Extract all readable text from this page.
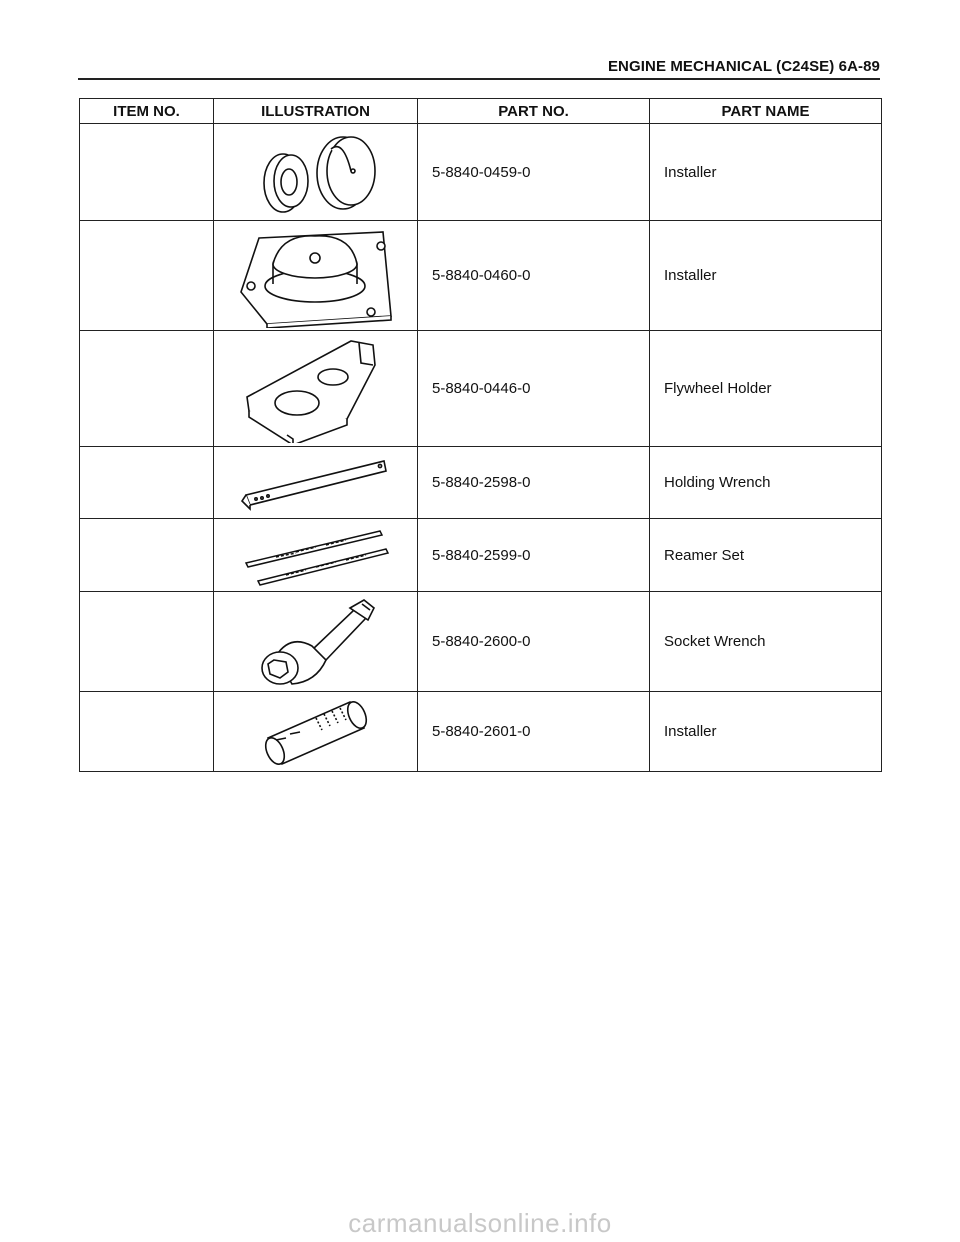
ENGINE MECHANICAL (C24SE) 6A-89
ITEM NO.	ILLUSTRATION	PART NO.	PART NAME

	5-8840-0459-0	Installer

	5-8840-0460-0	Installer

	5-8840-0446-0	Flywheel Holder

	5-8840-2598-0	Holding Wrench

	5-8840-2599-0	Reamer Set

	5-8840-2600-0	Socket Wrench

	5-8840-2601-0	Installer
carmanualsonline.info
